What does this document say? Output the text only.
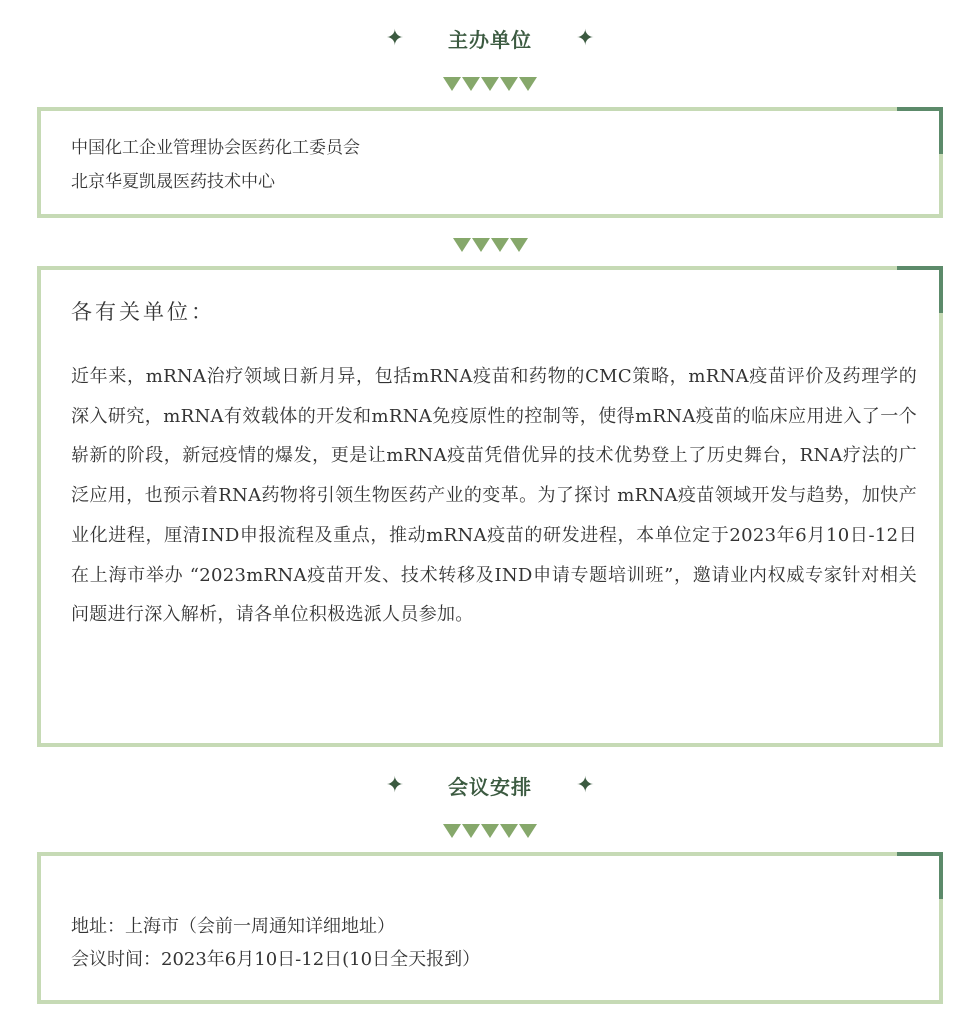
✦ 主办单位 ✦
中国化工企业管理协会医药化工委员会
北京华夏凯晟医药技术中心
各有关单位：
近年来，mRNA治疗领域日新月异，包括mRNA疫苗和药物的CMC策略，mRNA疫苗评价及药理学的深入研究，mRNA有效载体的开发和mRNA免疫原性的控制等，使得mRNA疫苗的临床应用进入了一个崭新的阶段，新冠疫情的爆发，更是让mRNA疫苗凭借优异的技术优势登上了历史舞台，RNA疗法的广泛应用，也预示着RNA药物将引领生物医药产业的变革。为了探讨 mRNA疫苗领域开发与趋势，加快产业化进程，厘清IND申报流程及重点，推动mRNA疫苗的研发进程，本单位定于2023年6月10日-12日在上海市举办 “2023mRNA疫苗开发、技术转移及IND申请专题培训班”，邀请业内权威专家针对相关问题进行深入解析，请各单位积极选派人员参加。
✦ 会议安排 ✦
地址：上海市（会前一周通知详细地址）
会议时间：2023年6月10日-12日(10日全天报到）
